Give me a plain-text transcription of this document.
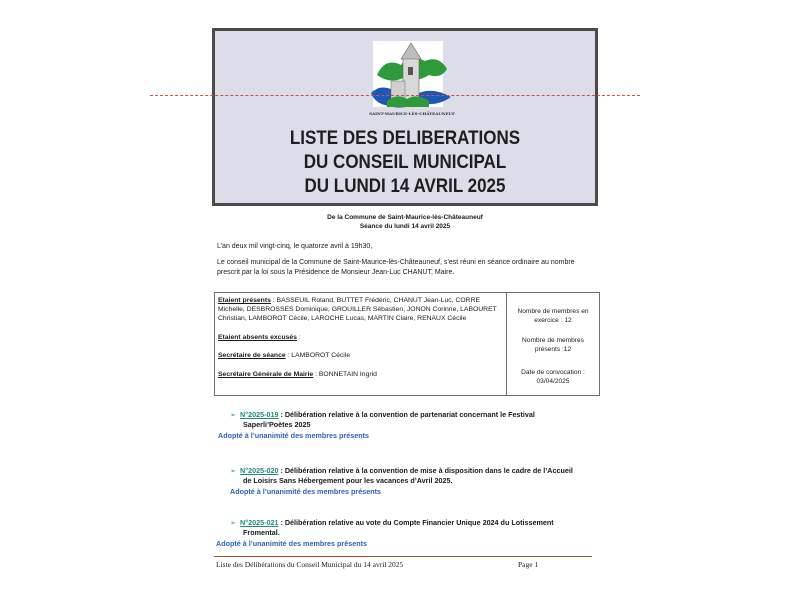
SAINT-MAURICE-LÈS-CHÂTEAUNEUF
LISTE DES DELIBERATIONS
DU CONSEIL MUNICIPAL
DU LUNDI 14 AVRIL 2025
De la Commune de Saint-Maurice-lès-Châteauneuf
Séance du lundi 14 avril 2025
L’an deux mil vingt-cinq, le quatorze avril à 19h30,
Le conseil municipal de la Commune de Saint-Maurice-lès-Châteauneuf, s’est réuni en séance ordinaire au nombre
prescrit par la loi sous la Présidence de Monsieur Jean-Luc CHANUT, Maire.
Etaient présents : BASSEUIL Roland, BUTTET Frédéric, CHANUT Jean-Luc, CORRE
Michelle, DESBROSSES Dominique, GROUILLER Sébastien, JONON Corinne, LABOURET
Christian, LAMBOROT Cécile, LAROCHE Lucas, MARTIN Claire, RENAUX Cécile
Etaient absents excusés :
Secrétaire de séance : LAMBOROT Cécile
Secrétaire Générale de Mairie : BONNETAIN Ingrid
Nombre de membres en
exercice : 12
Nombre de membres
présents :12
Date de convocation :
03/04/2025
➢ N°2025-019 : Délibération relative à la convention de partenariat concernant le Festival
Saperli’Poètes 2025
Adopté à l’unanimité des membres présents
➢ N°2025-020 : Délibération relative à la convention de mise à disposition dans le cadre de l’Accueil
de Loisirs Sans Hébergement pour les vacances d’Avril 2025.
Adopté à l’unanimité des membres présents
➢ N°2025-021 : Délibération relative au vote du Compte Financier Unique 2024 du Lotissement
Fromental.
Adopté à l’unanimité des membres présents
Liste des Délibérations du Conseil Municipal du 14 avril 2025	Page 1
